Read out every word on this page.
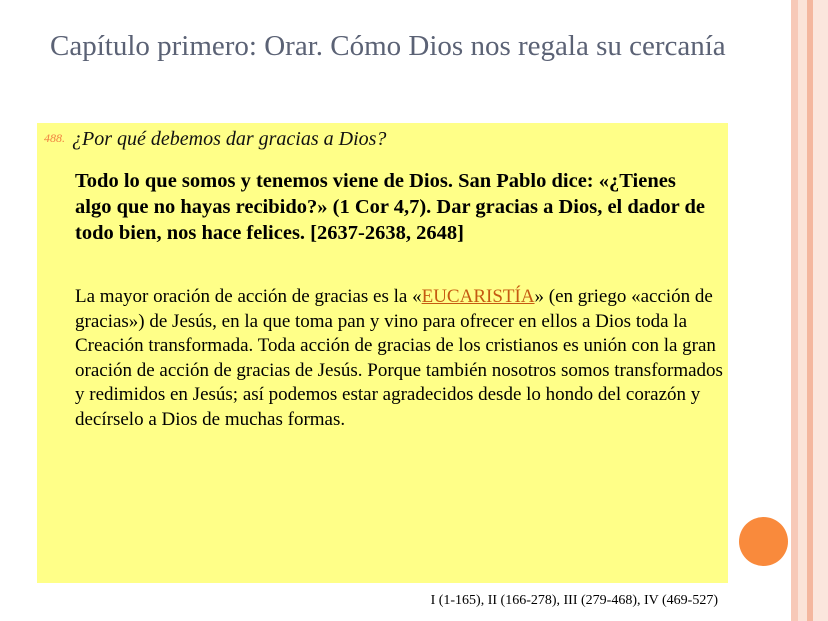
Capítulo primero: Orar. Cómo Dios nos regala su cercanía
488. ¿Por qué debemos dar gracias a Dios?

Todo lo que somos y tenemos viene de Dios. San Pablo dice: «¿Tienes algo que no hayas recibido?» (1 Cor 4,7). Dar gracias a Dios, el dador de todo bien, nos hace felices. [2637-2638, 2648]

La mayor oración de acción de gracias es la «EUCARISTÍA» (en griego «acción de gracias») de Jesús, en la que toma pan y vino para ofrecer en ellos a Dios toda la Creación transformada. Toda acción de gracias de los cristianos es unión con la gran oración de acción de gracias de Jesús. Porque también nosotros somos transformados y redimidos en Jesús; así podemos estar agradecidos desde lo hondo del corazón y decírselo a Dios de muchas formas.

I (1-165), II (166-278), III (279-468), IV (469-527)
